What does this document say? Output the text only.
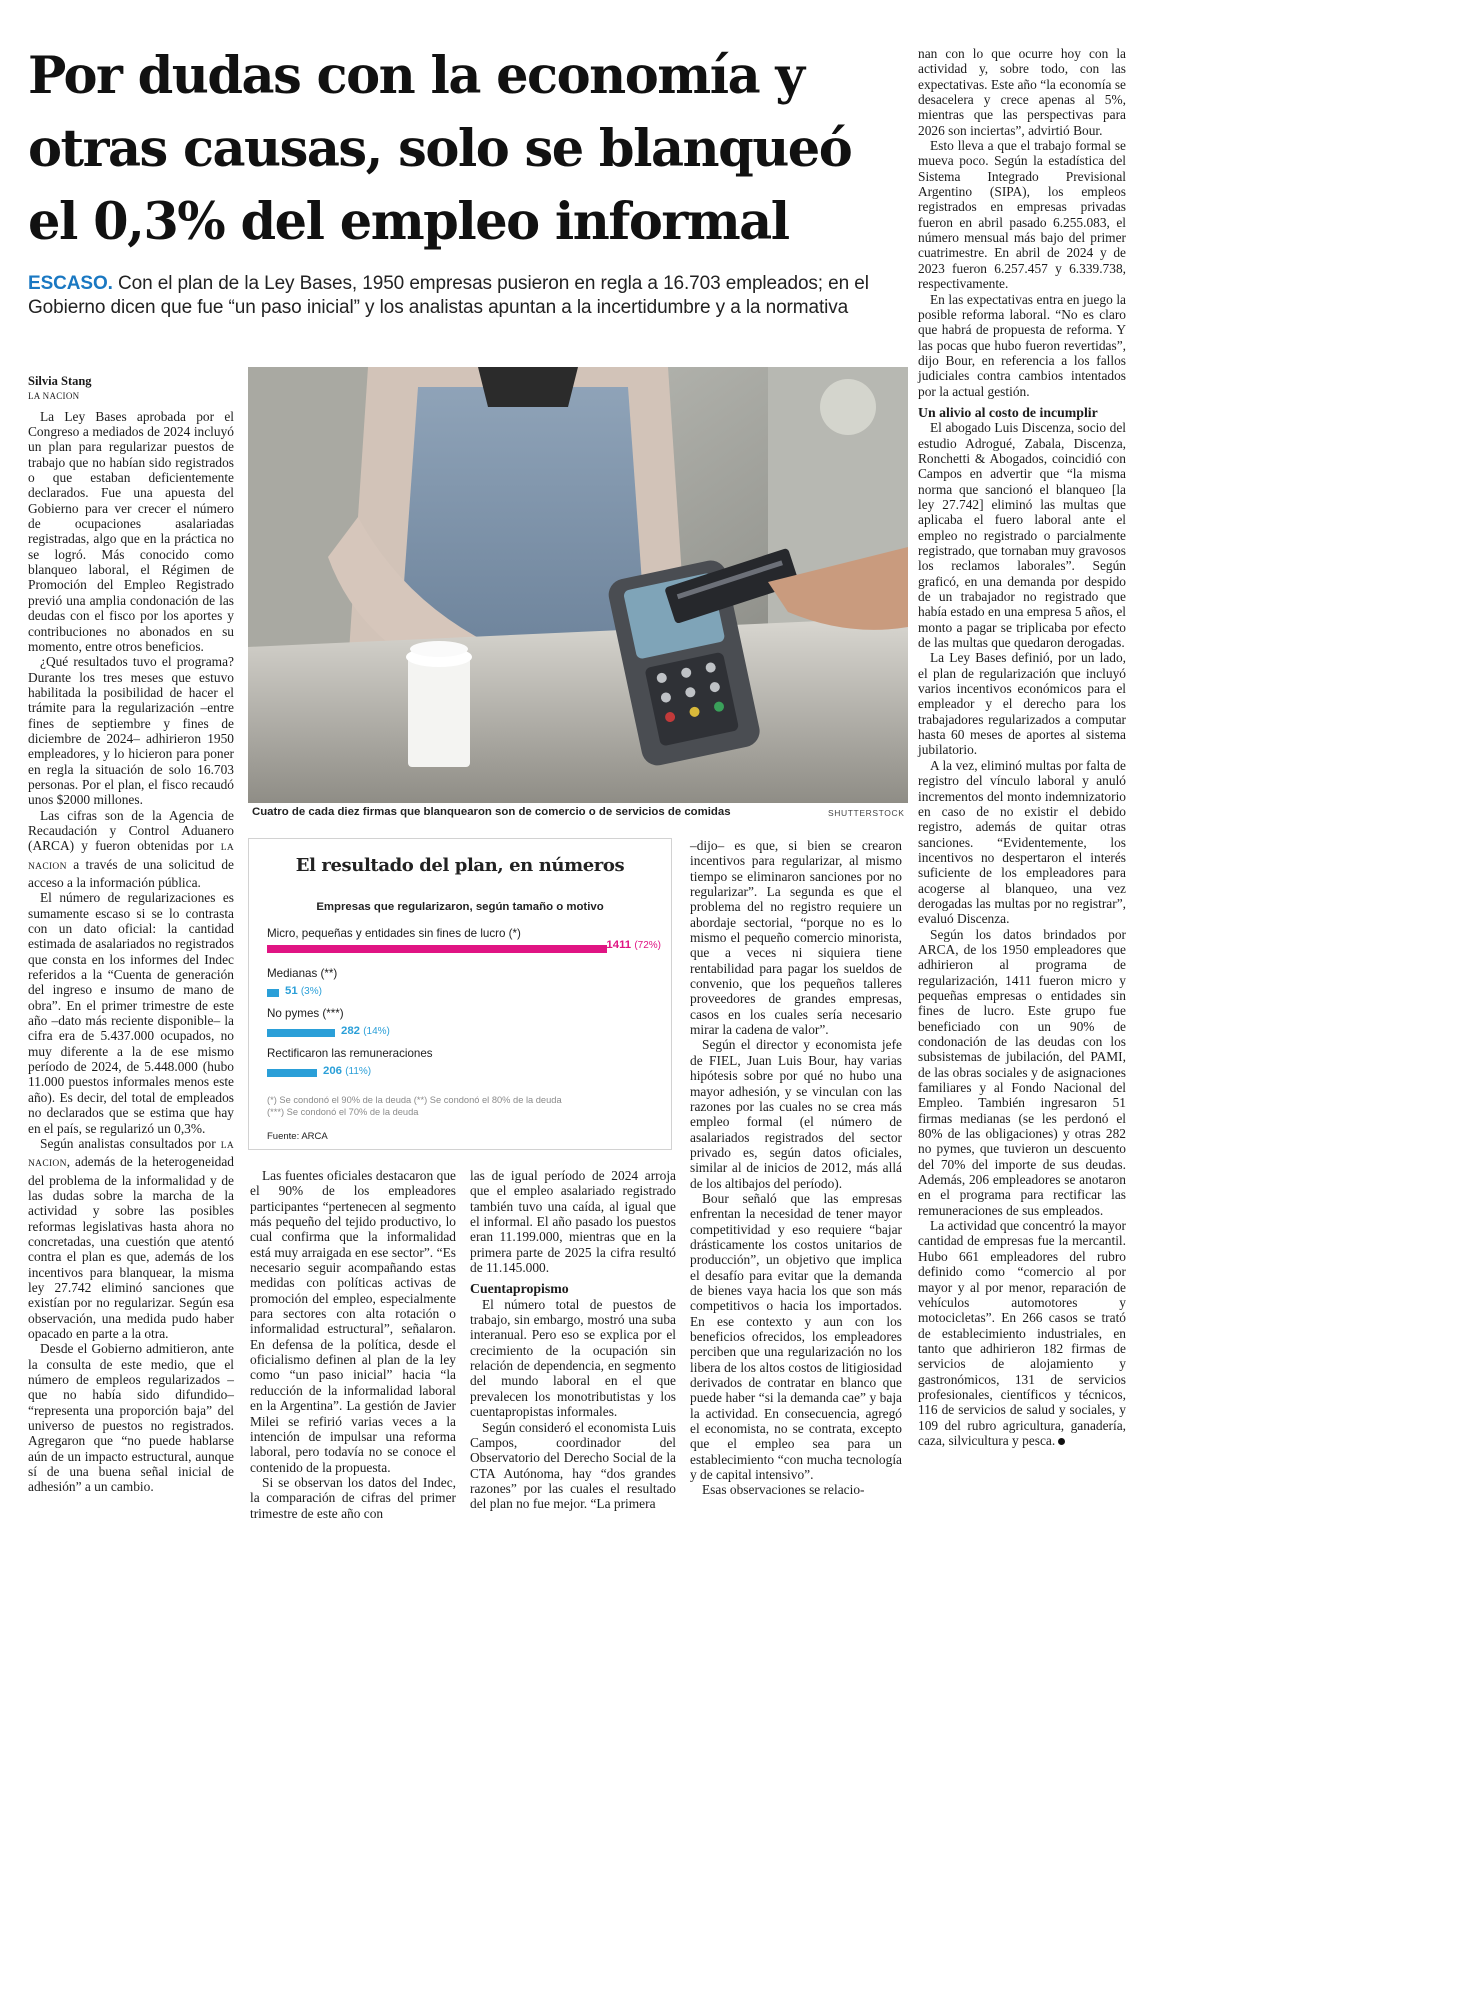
Por dudas con la economía y otras causas, solo se blanqueó el 0,3% del empleo informal

ESCASO. Con el plan de la Ley Bases, 1950 empresas pusieron en regla a 16.703 empleados; en el Gobierno dicen que fue “un paso inicial” y los analistas apuntan a la incertidumbre y a la normativa

Silvia Stang

LA NACION

La Ley Bases aprobada por el Congreso a mediados de 2024 incluyó un plan para regularizar puestos de trabajo que no habían sido registrados o que estaban deficientemente declarados. Fue una apuesta del Gobierno para ver crecer el número de ocupaciones asalariadas registradas, algo que en la práctica no se logró. Más conocido como blanqueo laboral, el Régimen de Promoción del Empleo Registrado previó una amplia condonación de las deudas con el fisco por los aportes y contribuciones no abonados en su momento, entre otros beneficios.

¿Qué resultados tuvo el programa? Durante los tres meses que estuvo habilitada la posibilidad de hacer el trámite para la regularización –entre fines de septiembre y fines de diciembre de 2024– adhirieron 1950 empleadores, y lo hicieron para poner en regla la situación de solo 16.703 personas. Por el plan, el fisco recaudó unos $2000 millones.

Las cifras son de la Agencia de Recaudación y Control Aduanero (ARCA) y fueron obtenidas por LA NACION a través de una solicitud de acceso a la información pública.

El número de regularizaciones es sumamente escaso si se lo contrasta con un dato oficial: la cantidad estimada de asalariados no registrados que consta en los informes del Indec referidos a la “Cuenta de generación del ingreso e insumo de mano de obra”. En el primer trimestre de este año –dato más reciente disponible– la cifra era de 5.437.000 ocupados, no muy diferente a la de ese mismo período de 2024, de 5.448.000 (hubo 11.000 puestos informales menos este año). Es decir, del total de empleados no declarados que se estima que hay en el país, se regularizó un 0,3%.

Según analistas consultados por LA NACION, además de la heterogeneidad del problema de la informalidad y de las dudas sobre la marcha de la actividad y sobre las posibles reformas legislativas hasta ahora no concretadas, una cuestión que atentó contra el plan es que, además de los incentivos para blanquear, la misma ley 27.742 eliminó sanciones que existían por no regularizar. Según esa observación, una medida pudo haber opacado en parte a la otra.

Desde el Gobierno admitieron, ante la consulta de este medio, que el número de empleos regularizados –que no había sido difundido– “representa una proporción baja” del universo de puestos no registrados. Agregaron que “no puede hablarse aún de un impacto estructural, aunque sí de una buena señal inicial de adhesión” a un cambio.

Cuatro de cada diez firmas que blanquearon son de comercio o de servicios de comidas	SHUTTERSTOCK

El resultado del plan, en números
Empresas que regularizaron, según tamaño o motivo
Micro, pequeñas y entidades sin fines de lucro (*)
1411 (72%)
Medianas (**)
51 (3%)
No pymes (***)
282 (14%)
Rectificaron las remuneraciones
206 (11%)
(*) Se condonó el 90% de la deuda (**) Se condonó el 80% de la deuda
(***) Se condonó el 70% de la deuda
Fuente: ARCA

Las fuentes oficiales destacaron que el 90% de los empleadores participantes “pertenecen al segmento más pequeño del tejido productivo, lo cual confirma que la informalidad está muy arraigada en ese sector”. “Es necesario seguir acompañando estas medidas con políticas activas de promoción del empleo, especialmente para sectores con alta rotación o informalidad estructural”, señalaron. En defensa de la política, desde el oficialismo definen al plan de la ley como “un paso inicial” hacia “la reducción de la informalidad laboral en la Argentina”. La gestión de Javier Milei se refirió varias veces a la intención de impulsar una reforma laboral, pero todavía no se conoce el contenido de la propuesta.

Si se observan los datos del Indec, la comparación de cifras del primer trimestre de este año con

las de igual período de 2024 arroja que el empleo asalariado registrado también tuvo una caída, al igual que el informal. El año pasado los puestos eran 11.199.000, mientras que en la primera parte de 2025 la cifra resultó de 11.145.000.

Cuentapropismo

El número total de puestos de trabajo, sin embargo, mostró una suba interanual. Pero eso se explica por el crecimiento de la ocupación sin relación de dependencia, en segmento del mundo laboral en el que prevalecen los monotributistas y los cuentapropistas informales.

Según consideró el economista Luis Campos, coordinador del Observatorio del Derecho Social de la CTA Autónoma, hay “dos grandes razones” por las cuales el resultado del plan no fue mejor. “La primera

–dijo– es que, si bien se crearon incentivos para regularizar, al mismo tiempo se eliminaron sanciones por no regularizar”. La segunda es que el problema del no registro requiere un abordaje sectorial, “porque no es lo mismo el pequeño comercio minorista, que a veces ni siquiera tiene rentabilidad para pagar los sueldos de convenio, que los pequeños talleres proveedores de grandes empresas, casos en los cuales sería necesario mirar la cadena de valor”.

Según el director y economista jefe de FIEL, Juan Luis Bour, hay varias hipótesis sobre por qué no hubo una mayor adhesión, y se vinculan con las razones por las cuales no se crea más empleo formal (el número de asalariados registrados del sector privado es, según datos oficiales, similar al de inicios de 2012, más allá de los altibajos del período).

Bour señaló que las empresas enfrentan la necesidad de tener mayor competitividad y eso requiere “bajar drásticamente los costos unitarios de producción”, un objetivo que implica el desafío para evitar que la demanda de bienes vaya hacia los que son más competitivos o hacia los importados. En ese contexto y aun con los beneficios ofrecidos, los empleadores perciben que una regularización no los libera de los altos costos de litigiosidad derivados de contratar en blanco que puede haber “si la demanda cae” y baja la actividad. En consecuencia, agregó el economista, no se contrata, excepto que el empleo sea para un establecimiento “con mucha tecnología y de capital intensivo”.

Esas observaciones se relacio-

nan con lo que ocurre hoy con la actividad y, sobre todo, con las expectativas. Este año “la economía se desacelera y crece apenas al 5%, mientras que las perspectivas para 2026 son inciertas”, advirtió Bour.

Esto lleva a que el trabajo formal se mueva poco. Según la estadística del Sistema Integrado Previsional Argentino (SIPA), los empleos registrados en empresas privadas fueron en abril pasado 6.255.083, el número mensual más bajo del primer cuatrimestre. En abril de 2024 y de 2023 fueron 6.257.457 y 6.339.738, respectivamente.

En las expectativas entra en juego la posible reforma laboral. “No es claro que habrá de propuesta de reforma. Y las pocas que hubo fueron revertidas”, dijo Bour, en referencia a los fallos judiciales contra cambios intentados por la actual gestión.

Un alivio al costo de incumplir

El abogado Luis Discenza, socio del estudio Adrogué, Zabala, Discenza, Ronchetti & Abogados, coincidió con Campos en advertir que “la misma norma que sancionó el blanqueo [la ley 27.742] eliminó las multas que aplicaba el fuero laboral ante el empleo no registrado o parcialmente registrado, que tornaban muy gravosos los reclamos laborales”. Según graficó, en una demanda por despido de un trabajador no registrado que había estado en una empresa 5 años, el monto a pagar se triplicaba por efecto de las multas que quedaron derogadas.

La Ley Bases definió, por un lado, el plan de regularización que incluyó varios incentivos económicos para el empleador y el derecho para los trabajadores regularizados a computar hasta 60 meses de aportes al sistema jubilatorio.

A la vez, eliminó multas por falta de registro del vínculo laboral y anuló incrementos del monto indemnizatorio en caso de no existir el debido registro, además de quitar otras sanciones. “Evidentemente, los incentivos no despertaron el interés suficiente de los empleadores para acogerse al blanqueo, una vez derogadas las multas por no registrar”, evaluó Discenza.

Según los datos brindados por ARCA, de los 1950 empleadores que adhirieron al programa de regularización, 1411 fueron micro y pequeñas empresas o entidades sin fines de lucro. Este grupo fue beneficiado con un 90% de condonación de las deudas con los subsistemas de jubilación, del PAMI, de las obras sociales y de asignaciones familiares y al Fondo Nacional del Empleo. También ingresaron 51 firmas medianas (se les perdonó el 80% de las obligaciones) y otras 282 no pymes, que tuvieron un descuento del 70% del importe de sus deudas. Además, 206 empleadores se anotaron en el programa para rectificar las remuneraciones de sus empleados.

La actividad que concentró la mayor cantidad de empresas fue la mercantil. Hubo 661 empleadores del rubro definido como “comercio al por mayor y al por menor, reparación de vehículos automotores y motocicletas”. En 266 casos se trató de establecimiento industriales, en tanto que adhirieron 182 firmas de servicios de alojamiento y gastronómicos, 131 de servicios profesionales, científicos y técnicos, 116 de servicios de salud y sociales, y 109 del rubro agricultura, ganadería, caza, silvicultura y pesca.
